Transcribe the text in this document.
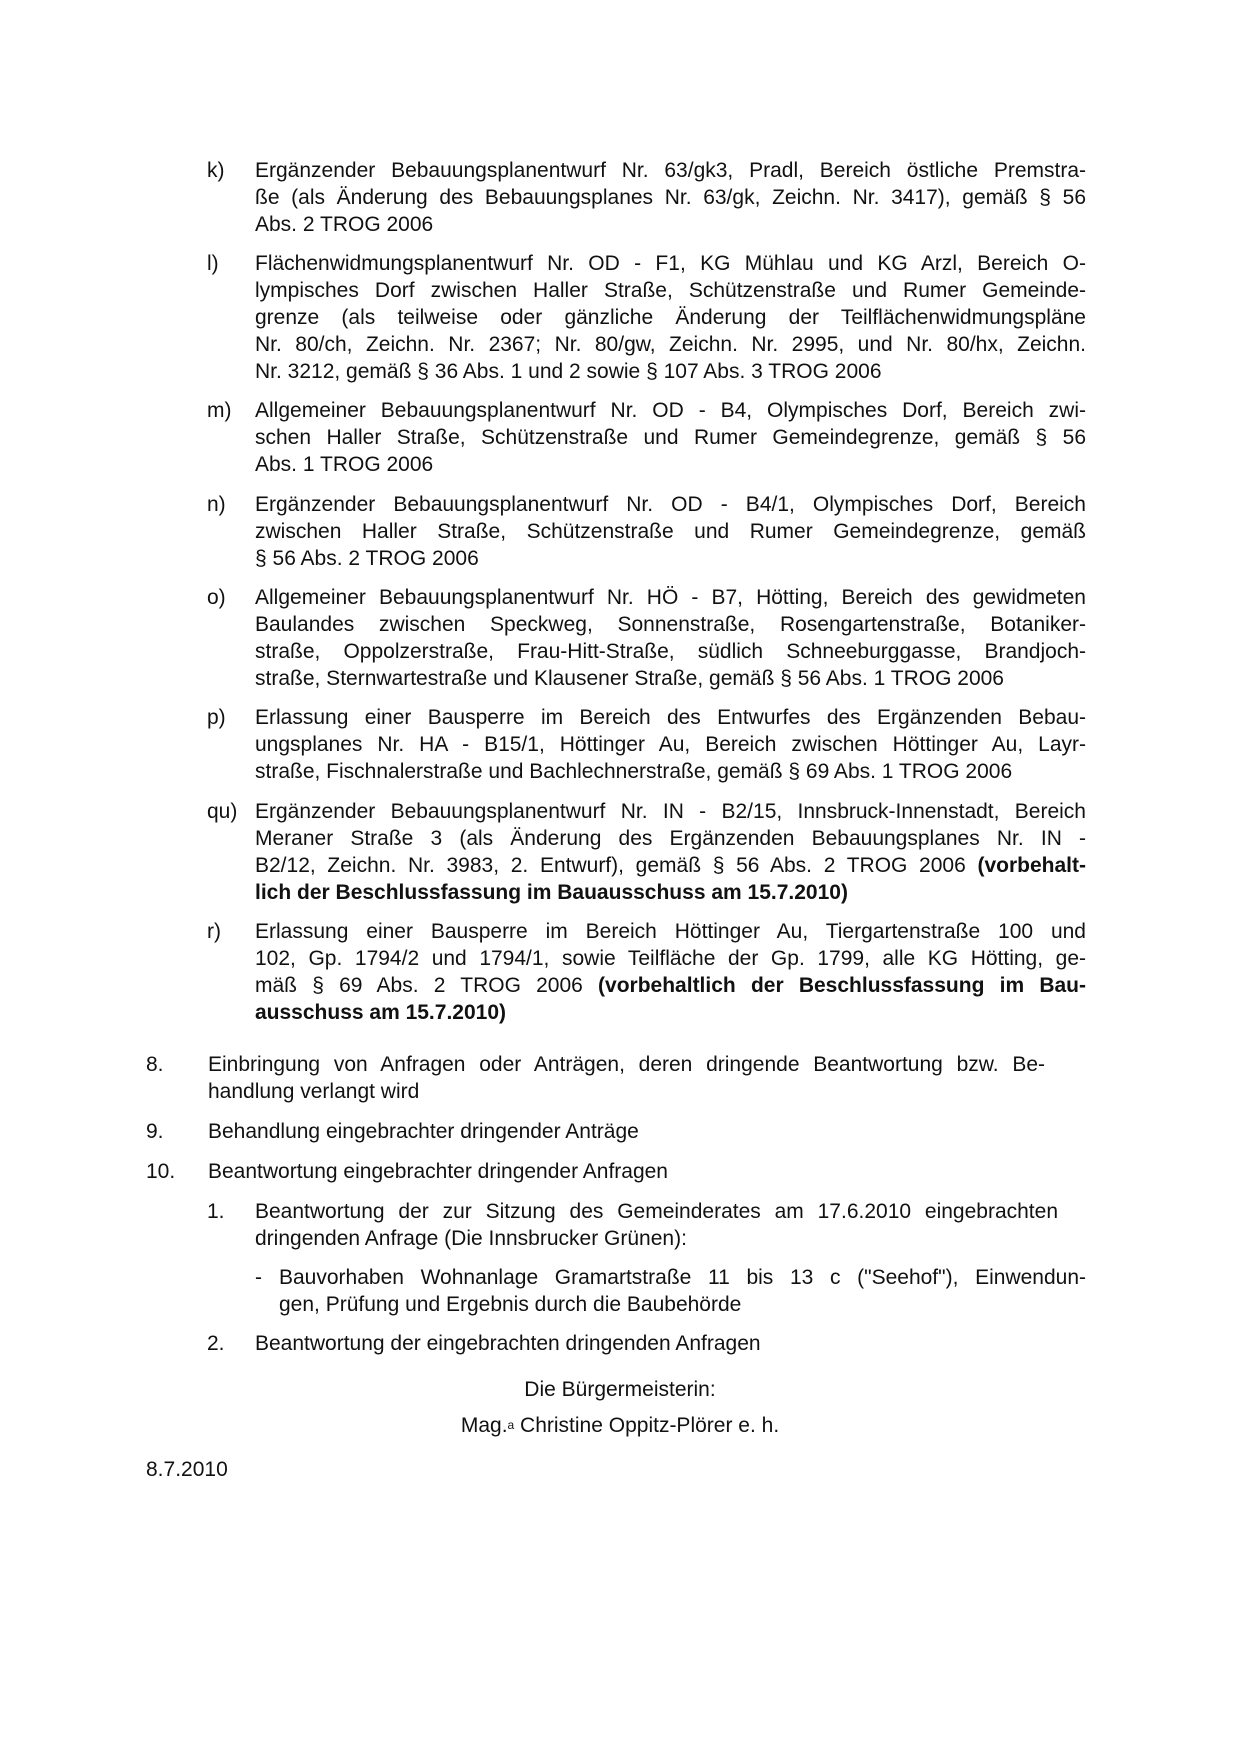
k) Ergänzender Bebauungsplanentwurf Nr. 63/gk3, Pradl, Bereich östliche Premstra-
ße (als Änderung des Bebauungsplanes Nr. 63/gk, Zeichn. Nr. 3417), gemäß § 56
Abs. 2 TROG 2006
l) Flächenwidmungsplanentwurf Nr. OD - F1, KG Mühlau und KG Arzl, Bereich O-
lympisches Dorf zwischen Haller Straße, Schützenstraße und Rumer Gemeinde-
grenze (als teilweise oder gänzliche Änderung der Teilflächenwidmungspläne
Nr. 80/ch, Zeichn. Nr. 2367; Nr. 80/gw, Zeichn. Nr. 2995, und Nr. 80/hx, Zeichn.
Nr. 3212, gemäß § 36 Abs. 1 und 2 sowie § 107 Abs. 3 TROG 2006
m) Allgemeiner Bebauungsplanentwurf Nr. OD - B4, Olympisches Dorf, Bereich zwi-
schen Haller Straße, Schützenstraße und Rumer Gemeindegrenze, gemäß § 56
Abs. 1 TROG 2006
n) Ergänzender Bebauungsplanentwurf Nr. OD - B4/1, Olympisches Dorf, Bereich
zwischen Haller Straße, Schützenstraße und Rumer Gemeindegrenze, gemäß
§ 56 Abs. 2 TROG 2006
o) Allgemeiner Bebauungsplanentwurf Nr. HÖ - B7, Hötting, Bereich des gewidmeten
Baulandes zwischen Speckweg, Sonnenstraße, Rosengartenstraße, Botaniker-
straße, Oppolzerstraße, Frau-Hitt-Straße, südlich Schneeburggasse, Brandjoch-
straße, Sternwartestraße und Klausener Straße, gemäß § 56 Abs. 1 TROG 2006
p) Erlassung einer Bausperre im Bereich des Entwurfes des Ergänzenden Bebau-
ungsplanes Nr. HA - B15/1, Höttinger Au, Bereich zwischen Höttinger Au, Layr-
straße, Fischnalerstraße und Bachlechnerstraße, gemäß § 69 Abs. 1 TROG 2006
qu) Ergänzender Bebauungsplanentwurf Nr. IN - B2/15, Innsbruck-Innenstadt, Bereich
Meraner Straße 3 (als Änderung des Ergänzenden Bebauungsplanes Nr. IN -
B2/12, Zeichn. Nr. 3983, 2. Entwurf), gemäß § 56 Abs. 2 TROG 2006 (vorbehalt-
lich der Beschlussfassung im Bauausschuss am 15.7.2010)
r) Erlassung einer Bausperre im Bereich Höttinger Au, Tiergartenstraße 100 und
102, Gp. 1794/2 und 1794/1, sowie Teilfläche der Gp. 1799, alle KG Hötting, ge-
mäß § 69 Abs. 2 TROG 2006 (vorbehaltlich der Beschlussfassung im Bau-
ausschuss am 15.7.2010)
8. Einbringung von Anfragen oder Anträgen, deren dringende Beantwortung bzw. Be-
handlung verlangt wird
9. Behandlung eingebrachter dringender Anträge
10. Beantwortung eingebrachter dringender Anfragen
1. Beantwortung der zur Sitzung des Gemeinderates am 17.6.2010 eingebrachten
dringenden Anfrage (Die Innsbrucker Grünen):
- Bauvorhaben Wohnanlage Gramartstraße 11 bis 13 c ("Seehof"), Einwendun-
gen, Prüfung und Ergebnis durch die Baubehörde
2. Beantwortung der eingebrachten dringenden Anfragen
Die Bürgermeisterin:
Mag.$^a$ Christine Oppitz-Plörer e. h.
8.7.2010
